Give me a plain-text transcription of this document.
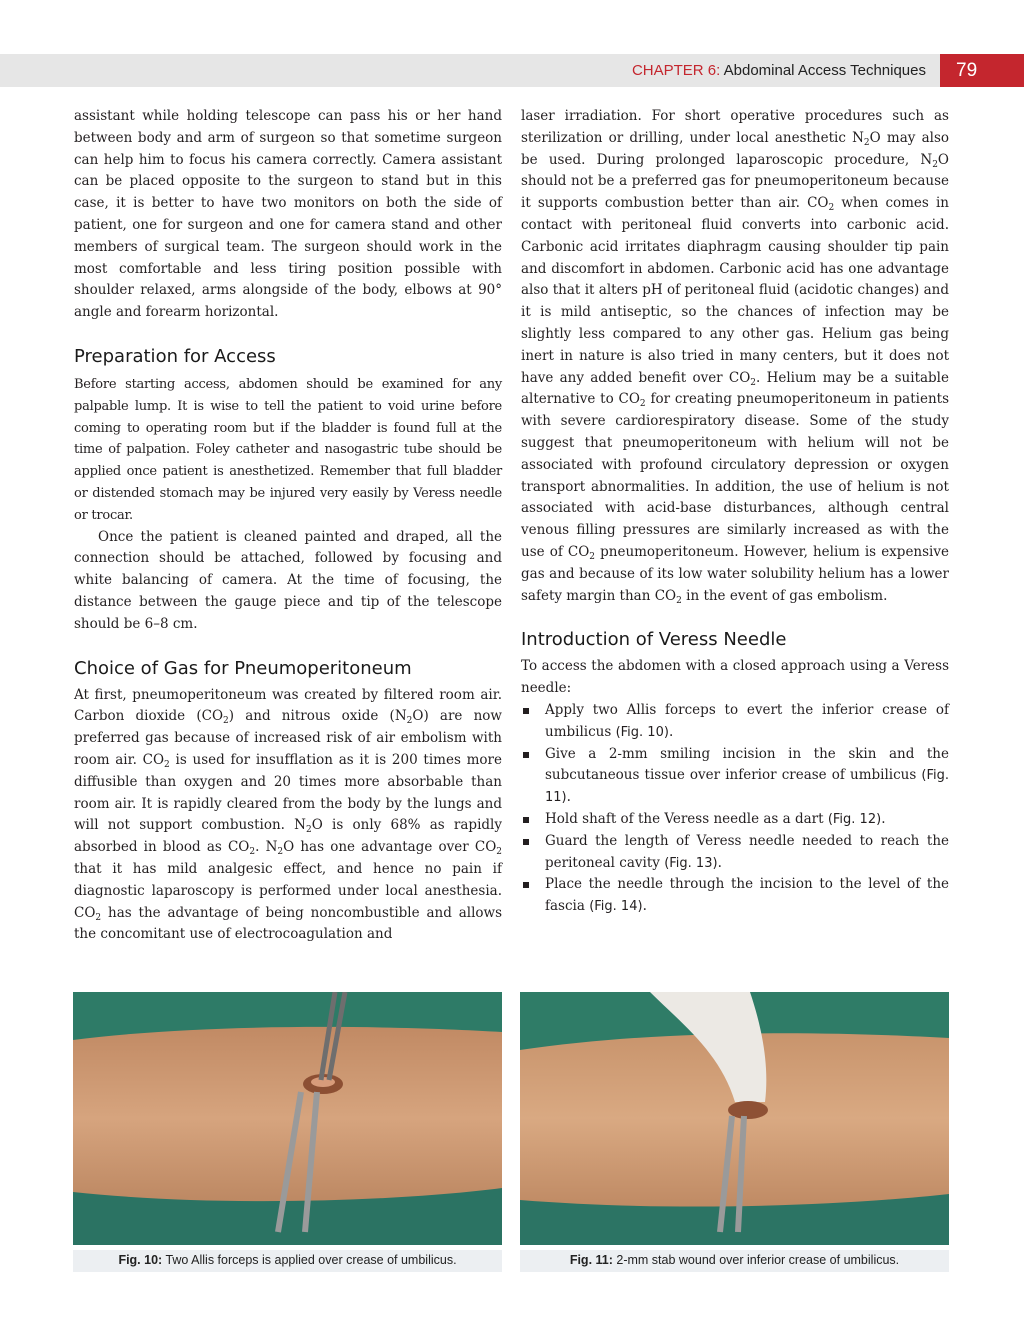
CHAPTER 6: Abdominal Access Techniques	79

assistant while holding telescope can pass his or her hand between body and arm of surgeon so that sometime surgeon can help him to focus his camera correctly. Camera assistant can be placed opposite to the surgeon to stand but in this case, it is better to have two monitors on both the side of patient, one for surgeon and one for camera stand and other members of surgical team. The surgeon should work in the most comfortable and less tiring position possible with shoulder relaxed, arms alongside of the body, elbows at 90° angle and forearm horizontal.

Preparation for Access

Before starting access, abdomen should be examined for any palpable lump. It is wise to tell the patient to void urine before coming to operating room but if the bladder is found full at the time of palpation. Foley catheter and nasogastric tube should be applied once patient is anesthetized. Remember that full bladder or distended stomach may be injured very easily by Veress needle or trocar.

Once the patient is cleaned painted and draped, all the connection should be attached, followed by focusing and white balancing of camera. At the time of focusing, the distance between the gauge piece and tip of the telescope should be 6–8 cm.

Choice of Gas for Pneumoperitoneum

At first, pneumoperitoneum was created by filtered room air. Carbon dioxide $(CO_2)$ and nitrous oxide $(N_2O)$ are now preferred gas because of increased risk of air embolism with room air. $CO_2$ is used for insufflation as it is 200 times more diffusible than oxygen and 20 times more absorbable than room air. It is rapidly cleared from the body by the lungs and will not support combustion. $N_2O$ is only 68% as rapidly absorbed in blood as $CO_2$. $N_2O$ has one advantage over $CO_2$ that it has mild analgesic effect, and hence no pain if diagnostic laparoscopy is performed under local anesthesia. $CO_2$ has the advantage of being noncombustible and allows the concomitant use of electrocoagulation and

laser irradiation. For short operative procedures such as sterilization or drilling, under local anesthetic $N_2O$ may also be used. During prolonged laparoscopic procedure, $N_2O$ should not be a preferred gas for pneumoperitoneum because it supports combustion better than air. $CO_2$ when comes in contact with peritoneal fluid converts into carbonic acid. Carbonic acid irritates diaphragm causing shoulder tip pain and discomfort in abdomen. Carbonic acid has one advantage also that it alters pH of peritoneal fluid (acidotic changes) and it is mild antiseptic, so the chances of infection may be slightly less compared to any other gas. Helium gas being inert in nature is also tried in many centers, but it does not have any added benefit over $CO_2$. Helium may be a suitable alternative to $CO_2$ for creating pneumoperitoneum in patients with severe cardiorespiratory disease. Some of the study suggest that pneumoperitoneum with helium will not be associated with profound circulatory depression or oxygen transport abnormalities. In addition, the use of helium is not associated with acid-base disturbances, although central venous filling pressures are similarly increased as with the use of $CO_2$ pneumoperitoneum. However, helium is expensive gas and because of its low water solubility helium has a lower safety margin than $CO_2$ in the event of gas embolism.

Introduction of Veress Needle

To access the abdomen with a closed approach using a Veress needle:

Apply two Allis forceps to evert the inferior crease of umbilicus (Fig. 10).
Give a 2-mm smiling incision in the skin and the subcutaneous tissue over inferior crease of umbilicus (Fig. 11).
Hold shaft of the Veress needle as a dart (Fig. 12).
Guard the length of Veress needle needed to reach the peritoneal cavity (Fig. 13).
Place the needle through the incision to the level of the fascia (Fig. 14).
Fig. 10: Two Allis forceps is applied over crease of umbilicus.	Fig. 11: 2-mm stab wound over inferior crease of umbilicus.
